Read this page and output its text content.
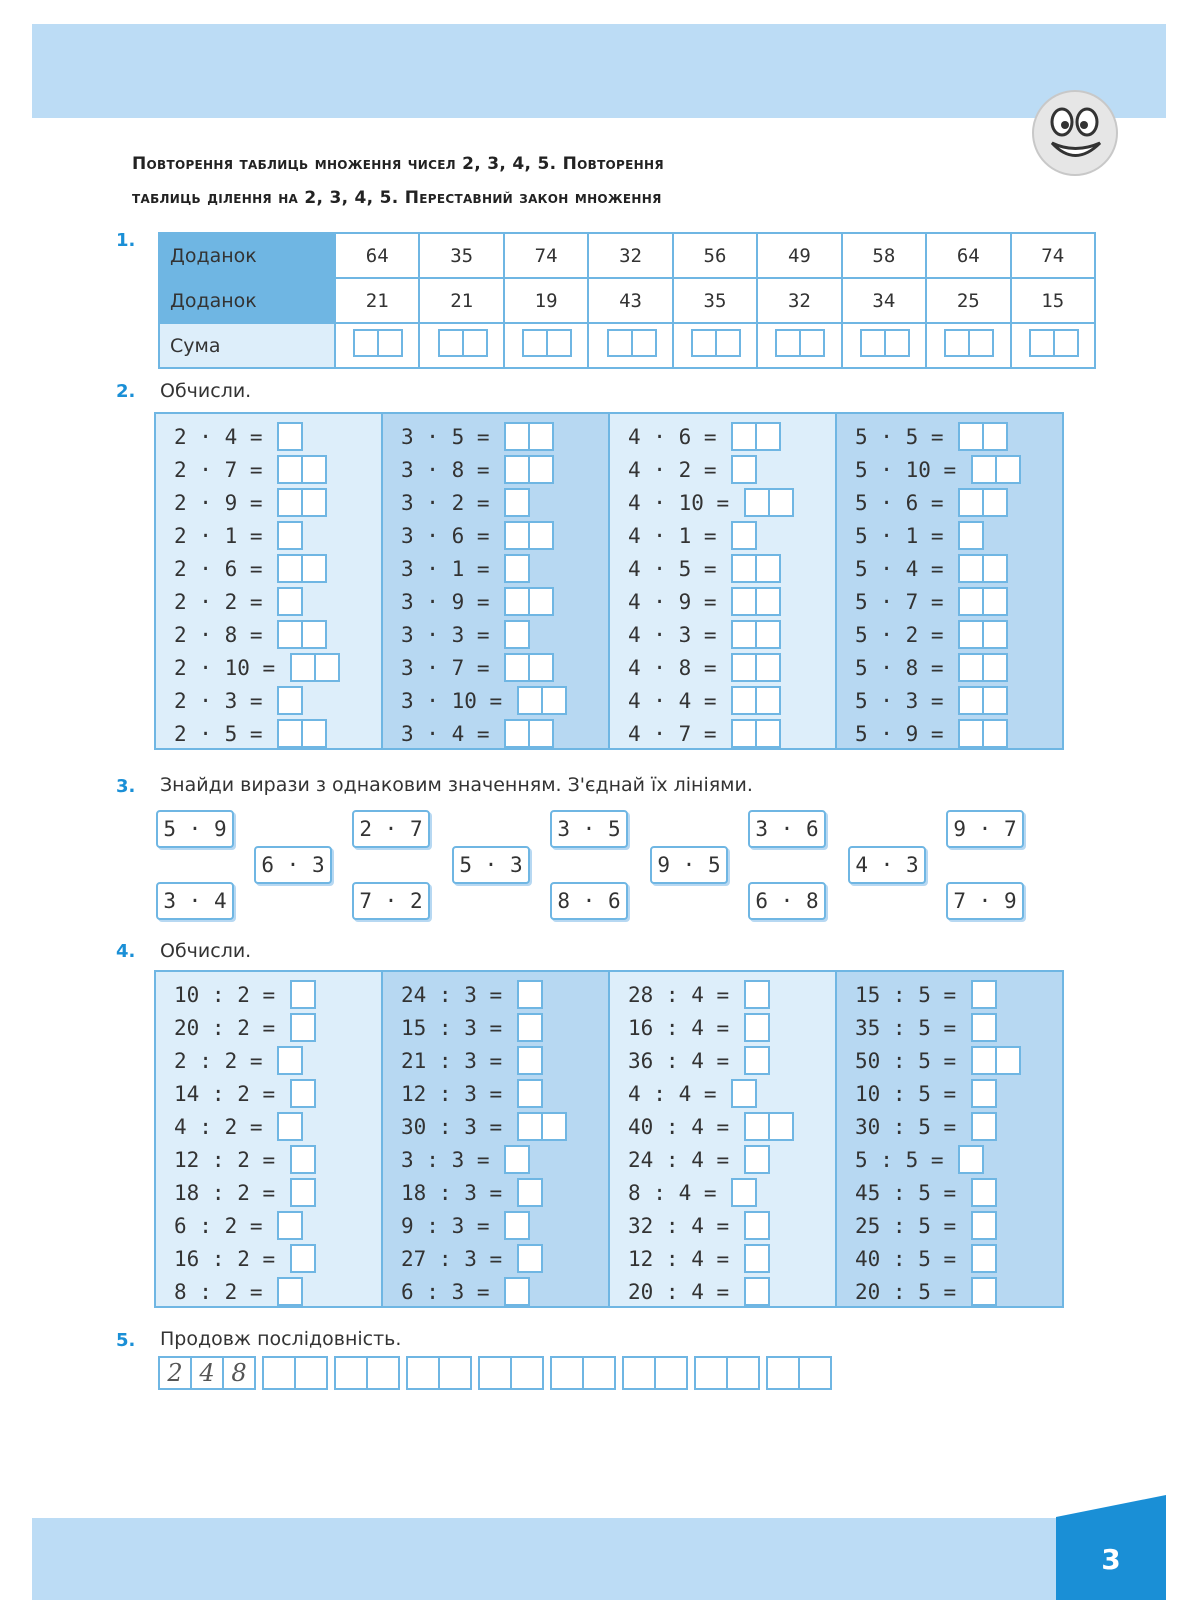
Повторення таблиць множення чисел 2, 3, 4, 5. Повторення
таблиць ділення на 2, 3, 4, 5. Переставний закон множення
1.
Доданок	64	35	74	32	56	49	58	64	74
Доданок	21	21	19	43	35	32	34	25	15
Сума	

2. Обчисли.
2 · 4 =
2 · 7 =
2 · 9 =
2 · 1 =
2 · 6 =
2 · 2 =
2 · 8 =
2 · 10 =
2 · 3 =
2 · 5 =
3 · 5 =
3 · 8 =
3 · 2 =
3 · 6 =
3 · 1 =
3 · 9 =
3 · 3 =
3 · 7 =
3 · 10 =
3 · 4 =
4 · 6 =
4 · 2 =
4 · 10 =
4 · 1 =
4 · 5 =
4 · 9 =
4 · 3 =
4 · 8 =
4 · 4 =
4 · 7 =
5 · 5 =
5 · 10 =
5 · 6 =
5 · 1 =
5 · 4 =
5 · 7 =
5 · 2 =
5 · 8 =
5 · 3 =
5 · 9 =
3. Знайди вирази з однаковим значенням. З'єднай їх лініями.
5 · 9
6 · 3
3 · 4
2 · 7
7 · 2
5 · 3
3 · 5
8 · 6
9 · 5
3 · 6
6 · 8
4 · 3
9 · 7
7 · 9
4. Обчисли.
10 : 2 =
20 : 2 =
2 : 2 =
14 : 2 =
4 : 2 =
12 : 2 =
18 : 2 =
6 : 2 =
16 : 2 =
8 : 2 =
24 : 3 =
15 : 3 =
21 : 3 =
12 : 3 =
30 : 3 =
3 : 3 =
18 : 3 =
9 : 3 =
27 : 3 =
6 : 3 =
28 : 4 =
16 : 4 =
36 : 4 =
4 : 4 =
40 : 4 =
24 : 4 =
8 : 4 =
32 : 4 =
12 : 4 =
20 : 4 =
15 : 5 =
35 : 5 =
50 : 5 =
10 : 5 =
30 : 5 =
5 : 5 =
45 : 5 =
25 : 5 =
40 : 5 =
20 : 5 =
5. Продовж послідовність.
2 4 8
3
